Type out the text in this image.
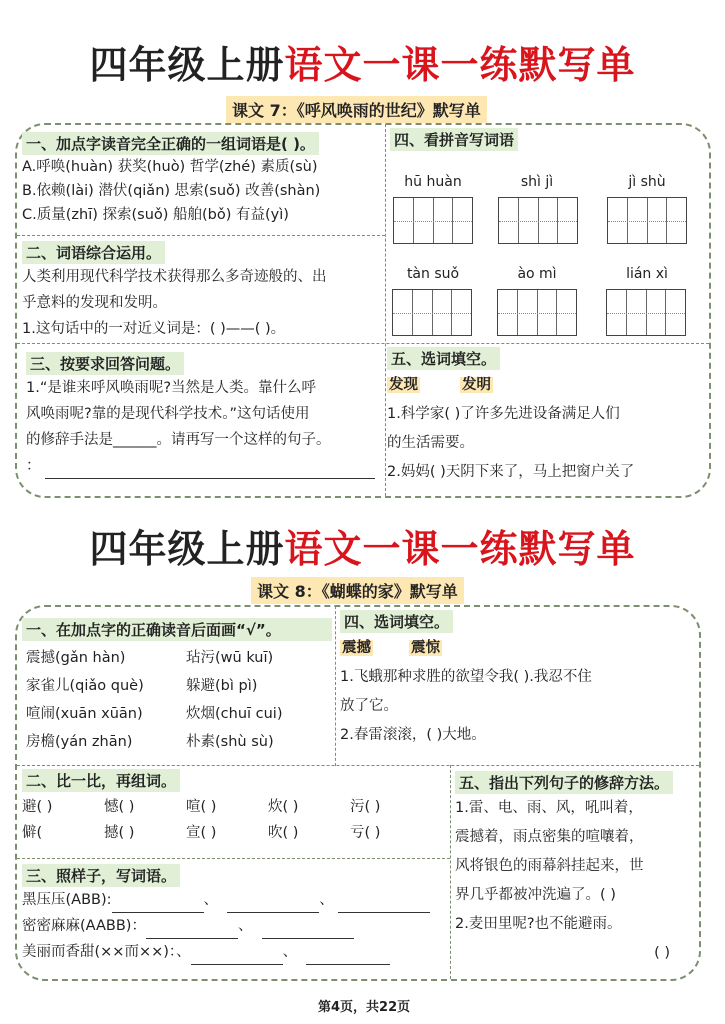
四年级上册语文一课一练默写单
课文 7：《呼风唤雨的世纪》默写单
一、加点字读音完全正确的一组词语是( )。
A.呼唤(huàn) 获奖(huò) 哲学(zhé) 素质(sù)
B.依赖(lài) 潜伏(qiǎn) 思索(suǒ) 改善(shàn)
C.质量(zhī) 探索(suǒ) 船舶(bǒ) 有益(yì)
二、词语综合运用。
人类利用现代科学技术获得那么多奇迹般的、出
乎意料的发现和发明。
1.这句话中的一对近义词是：( )——( )。
三、按要求回答问题。
1.“是谁来呼风唤雨呢?当然是人类。靠什么呼
风唤雨呢?靠的是现代科学技术。”这句话使用
的修辞手法是______。请再写一个这样的句子。
：
四、看拼音写词语
hū huàn	shì jì	jì shù
tàn suǒ	ào mì	lián xì
五、选词填空。
发现	发明
1.科学家( )了许多先进设备满足人们
的生活需要。
2.妈妈( )天阴下来了，马上把窗户关了
四年级上册语文一课一练默写单
课文 8：《蝴蝶的家》默写单
一、在加点字的正确读音后面画“√”。
震撼(gǎn hàn)	玷污(wū kuī)
家雀儿(qiǎo què)	躲避(bì pì)
喧闹(xuān xūān)	炊烟(chuī cui)
房檐(yán zhān)	朴素(shù sù)
四、选词填空。
震撼	震惊
1.飞蛾那种求胜的欲望令我( ).我忍不住
放了它。
2.春雷滚滚，( )大地。
二、比一比，再组词。
避( )	憾( )	喧( )	炊( )	污( )
僻(	撼( )	宣( )	吹( )	亏( )
三、照样子，写词语。
黑压压(ABB):	、	、
密密麻麻(AABB)：	、
美丽而香甜(××而××)：、	、
五、指出下列句子的修辞方法。
1.雷、电、雨、风，吼叫着，
震撼着，雨点密集的喧嚷着，
风将银色的雨幕斜挂起来，世
界几乎都被冲洗遍了。( )
2.麦田里呢?也不能避雨。
( )
第4页，共22页
